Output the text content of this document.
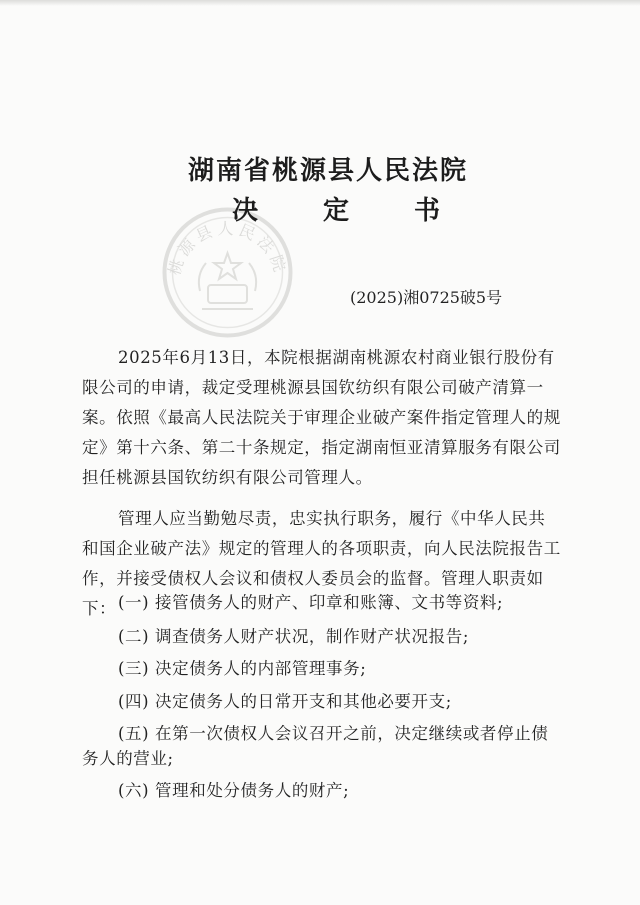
湖南省桃源县人民法院
桃源县人民法院
决 定 书
(2025)湘0725破5号

2025年6月13日，本院根据湖南桃源农村商业银行股份有限公司的申请，裁定受理桃源县国钦纺织有限公司破产清算一案。依照《最高人民法院关于审理企业破产案件指定管理人的规定》第十六条、第二十条规定，指定湖南恒亚清算服务有限公司担任桃源县国钦纺织有限公司管理人。

管理人应当勤勉尽责，忠实执行职务，履行《中华人民共和国企业破产法》规定的管理人的各项职责，向人民法院报告工作，并接受债权人会议和债权人委员会的监督。管理人职责如下： (一) 接管债务人的财产、印章和账簿、文书等资料;
(二) 调查债务人财产状况，制作财产状况报告;
(三) 决定债务人的内部管理事务;
(四) 决定债务人的日常开支和其他必要开支;
(五) 在第一次债权人会议召开之前，决定继续或者停止债
务人的营业;
(六) 管理和处分债务人的财产;
